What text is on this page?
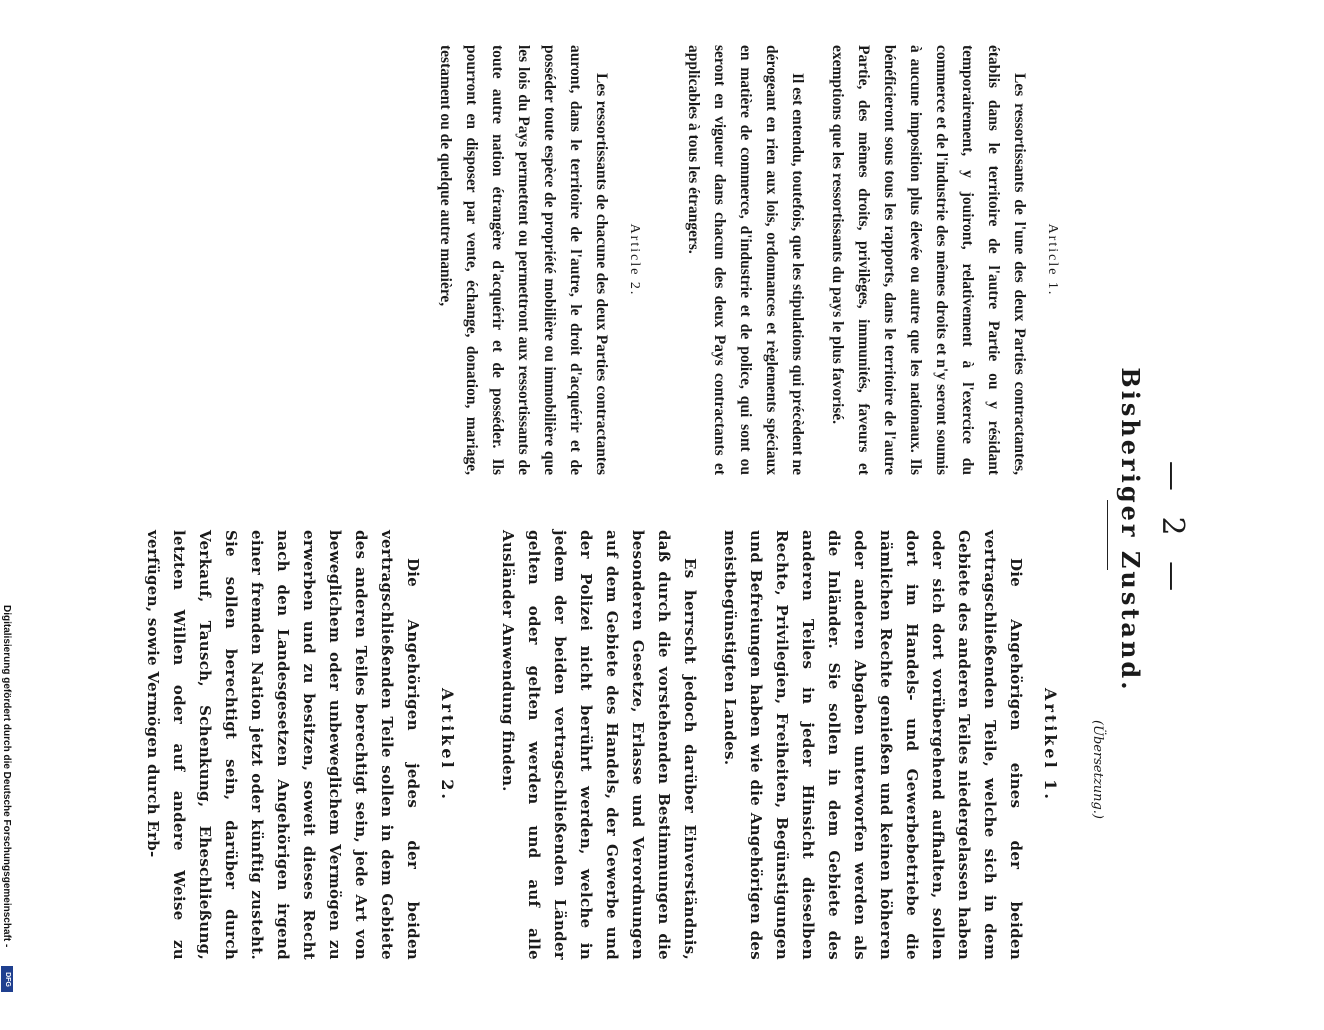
Digitalisierung gefördert durch die Deutsche Forschungsgemeinschaft -
DFG
— 2 —
Bisheriger Zustand.
(Übersetzung.)
Article 1.

Les ressortissants de l'une des deux Parties contractantes, établis dans le territoire de l'autre Partie ou y résidant temporairement, y jouiront, relativement à l'exercice du commerce et de l'industrie des mêmes droits et n'y seront soumis à aucune imposition plus élevée ou autre que les nationaux. Ils bénéficieront sous tous les rapports, dans le territoire de l'autre Partie, des mêmes droits, privilèges, immunités, faveurs et exemptions que les ressortissants du pays le plus favorisé.

Il est entendu, toutefois, que les stipulations qui précèdent ne dérogeant en rien aux lois, ordonnances et règlements spéciaux en matière de commerce, d'industrie et de police, qui sont ou seront en vigueur dans chacun des deux Pays contractants et applicables à tous les étrangers.

Article 2.

Les ressortissants de chacune des deux Parties contractantes auront, dans le territoire de l'autre, le droit d'acquérir et de posséder toute espèce de propriété mobilière ou immobilière que les lois du Pays permettent ou permettront aux ressortissants de toute autre nation étrangère d'acquérir et de posséder. Ils pourront en disposer par vente, échange, donation, mariage, testament ou de quelque autre manière,

Artikel 1.

Die Angehörigen eines der beiden vertragschließenden Teile, welche sich in dem Gebiete des anderen Teiles niedergelassen haben oder sich dort vorübergehend aufhalten, sollen dort im Handels- und Gewerbebetriebe die nämlichen Rechte genießen und keinen höheren oder anderen Abgaben unterworfen werden als die Inländer. Sie sollen in dem Gebiete des anderen Teiles in jeder Hinsicht dieselben Rechte, Privilegien, Freiheiten, Begünstigungen und Befreiungen haben wie die Angehörigen des meistbegünstigten Landes.

Es herrscht jedoch darüber Einverständnis, daß durch die vorstehenden Bestimmungen die besonderen Gesetze, Erlasse und Verordnungen auf dem Gebiete des Handels, der Gewerbe und der Polizei nicht berührt werden, welche in jedem der beiden vertragschließenden Länder gelten oder gelten werden und auf alle Ausländer Anwendung finden.

Artikel 2.

Die Angehörigen jedes der beiden vertragschließenden Teile sollen in dem Gebiete des anderen Teiles berechtigt sein, jede Art von beweglichem oder unbeweglichem Vermögen zu erwerben und zu besitzen, soweit dieses Recht nach den Landesgesetzen Angehörigen irgend einer fremden Nation jetzt oder künftig zusteht. Sie sollen berechtigt sein, darüber durch Verkauf, Tausch, Schenkung, Eheschließung, letzten Willen oder auf andere Weise zu verfügen, sowie Vermögen durch Erb-
